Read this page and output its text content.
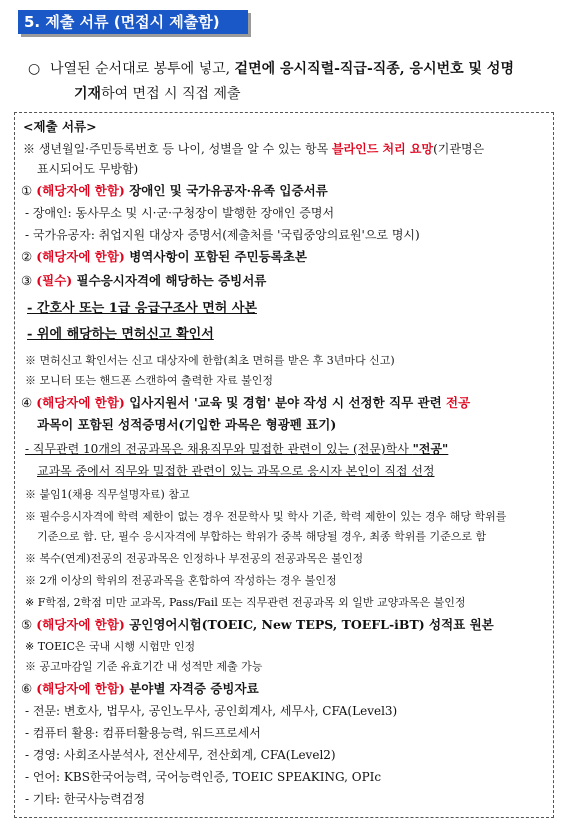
5. 제출 서류 (면접시 제출함)
○ 나열된 순서대로 봉투에 넣고, 겉면에 응시직렬-직급-직종, 응시번호 및 성명
기재하여 면접 시 직접 제출
<제출 서류>
※ 생년월일·주민등록번호 등 나이, 성별을 알 수 있는 항목 블라인드 처리 요망(기관명은
표시되어도 무방함)
① (해당자에 한함) 장애인 및 국가유공자·유족 입증서류
- 장애인: 동사무소 및 시·군·구청장이 발행한 장애인 증명서
- 국가유공자: 취업지원 대상자 증명서(제출처를 '국립중앙의료원'으로 명시)
② (해당자에 한함) 병역사항이 포함된 주민등록초본
③ (필수) 필수응시자격에 해당하는 증빙서류
- 간호사 또는 1급 응급구조사 면허 사본
- 위에 해당하는 면허신고 확인서
※ 면허신고 확인서는 신고 대상자에 한함(최초 면허를 받은 후 3년마다 신고)
※ 모니터 또는 핸드폰 스캔하여 출력한 자료 불인정
④ (해당자에 한함) 입사지원서 '교육 및 경험' 분야 작성 시 선정한 직무 관련 전공
과목이 포함된 성적증명서(기입한 과목은 형광펜 표기)
- 직무관련 10개의 전공과목은 채용직무와 밀접한 관련이 있는 (전문)학사 "전공"
교과목 중에서 직무와 밀접한 관련이 있는 과목으로 응시자 본인이 직접 선정
※ 붙임1(채용 직무설명자료) 참고
※ 필수응시자격에 학력 제한이 없는 경우 전문학사 및 학사 기준, 학력 제한이 있는 경우 해당 학위를
기준으로 함. 단, 필수 응시자격에 부합하는 학위가 중복 해당될 경우, 최종 학위를 기준으로 함
※ 복수(연계)전공의 전공과목은 인정하나 부전공의 전공과목은 불인정
※ 2개 이상의 학위의 전공과목을 혼합하여 작성하는 경우 불인정
※ F학점, 2학점 미만 교과목, Pass/Fail 또는 직무관련 전공과목 외 일반 교양과목은 불인정
⑤ (해당자에 한함) 공인영어시험(TOEIC, New TEPS, TOEFL-iBT) 성적표 원본
※ TOEIC은 국내 시행 시험만 인정
※ 공고마감일 기준 유효기간 내 성적만 제출 가능
⑥ (해당자에 한함) 분야별 자격증 증빙자료
- 전문: 변호사, 법무사, 공인노무사, 공인회계사, 세무사, CFA(Level3)
- 컴퓨터 활용: 컴퓨터활용능력, 워드프로세서
- 경영: 사회조사분석사, 전산세무, 전산회계, CFA(Level2)
- 언어: KBS한국어능력, 국어능력인증, TOEIC SPEAKING, OPIc
- 기타: 한국사능력검정
